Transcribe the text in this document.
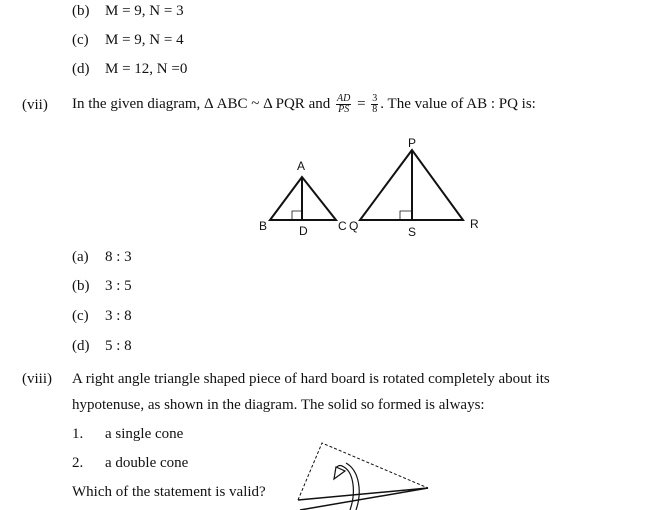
(b) M = 9, N = 3
(c) M = 9, N = 4
(d) M = 12, N =0
(vii) In the given diagram, Δ ABC ~ Δ PQR and $\frac{AD}{PS} = \frac{3}{8}$ . The value of AB : PQ is:
A
B	C
D
P
Q	R
S
(a) 8 : 3
(b) 3 : 5
(c) 3 : 8
(d) 5 : 8
(viii) A right angle triangle shaped piece of hard board is rotated completely about its
hypotenuse, as shown in the diagram. The solid so formed is always:
1. a single cone
2. a double cone
Which of the statement is valid?
